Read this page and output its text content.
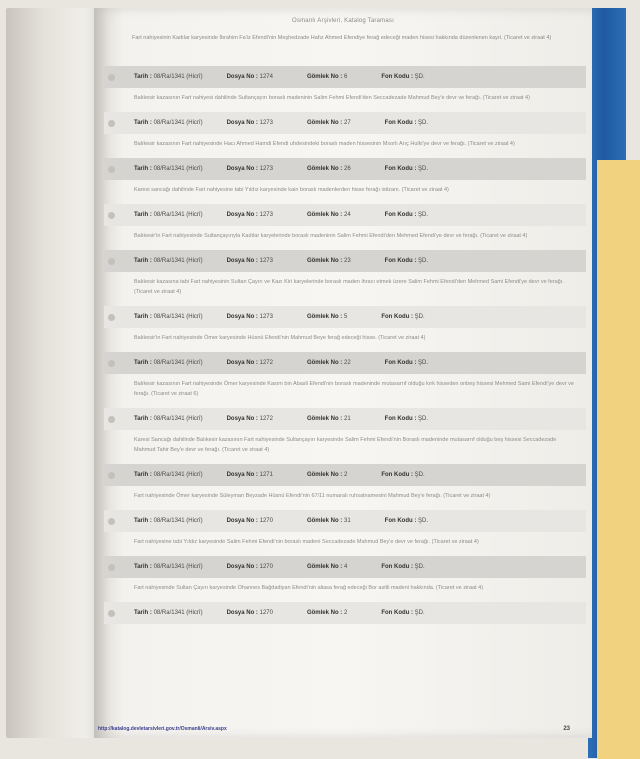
Osmanlı Arşivleri, Katalog Taraması
Fart nahiyesinin Kadılar karyesinde İbrahim Fa'iz Efendi'nin Meşhedzade Hafız Ahmed Efendiye ferağ edeceği maden hisesi hakkında düzenlenen kayıt. (Ticaret ve ziraat 4)
Tarih : 08/Ra/1341 (Hicrî)	Dosya No : 1274	Gömlek No : 6	Fon Kodu : ŞD.
Balıkesir kazasının Fart nahiyesi dahilinde Sultançayırı boraslı madeninin Salim Fehmi Efendi'den Seccadezade Mahmud Bey'e devr ve ferağı. (Ticaret ve ziraat 4)
Tarih : 08/Ra/1341 (Hicrî)	Dosya No : 1273	Gömlek No : 27	Fon Kodu : ŞD.
Balıkesir kazasının Fart nahiyesinde Hacı Ahmed Hamdi Efendi uhdesindeki boraslı maden hissesinin Mısırlı Arıç Hulki'ye devr ve ferağı. (Ticaret ve ziraat 4)
Tarih : 08/Ra/1341 (Hicrî)	Dosya No : 1273	Gömlek No : 26	Fon Kodu : ŞD.
Karesi sancağı dahilinde Fart nahiyesine tabi Yıldız karyesinde kain boraslı madenlerden hisse ferağı istizanı. (Ticaret ve ziraat 4)
Tarih : 08/Ra/1341 (Hicrî)	Dosya No : 1273	Gömlek No : 24	Fon Kodu : ŞD.
Balıkesir'in Fart nahiyesinde Sultançayırıyla Kadılar karyelerinde boraslı madeninin Salim Fehmi Efendi'den Mehmed Efendi'ye devr ve ferağı. (Ticaret ve ziraat 4)
Tarih : 08/Ra/1341 (Hicrî)	Dosya No : 1273	Gömlek No : 23	Fon Kodu : ŞD.
Balıkesir kazasına tabi Fart nahiyesinin Sultan Çayırı ve Kazı Kiri karyelerinde boraslı maden ihracı etmek üzere Salim Fehmi Efendi'den Mehmed Sami Efendi'ye devr ve ferağı. (Ticaret ve ziraat 4)
Tarih : 08/Ra/1341 (Hicrî)	Dosya No : 1273	Gömlek No : 5	Fon Kodu : ŞD.
Balıkesir'in Fart nahiyesinde Ömer karyesinde Hüsnü Efendi'nin Mahmud Beye ferağ edeceği hisse. (Ticaret ve ziraat 4)
Tarih : 08/Ra/1341 (Hicrî)	Dosya No : 1272	Gömlek No : 22	Fon Kodu : ŞD.
Balıkesir kazasının Fart nahiyesinde Ömer karyesinde Kasım bin Abasli Efendi'nin boraslı madeninde mutasarrıf olduğu kırk hisseden onbeş hissesi Mehmed Sami Efendi'ye devr ve ferağı. (Ticaret ve ziraat 6)
Tarih : 08/Ra/1341 (Hicrî)	Dosya No : 1272	Gömlek No : 21	Fon Kodu : ŞD.
Karesi Sancağı dahilinde Balıkesir kazasının Fart nahiyesinde Sultançayırı karyesinde Salim Fehmi Efendi'nin Boraslı madeninde mutasarrıf olduğu beş hissesi Seccadezade Mahmud Tahir Bey'e devr ve ferağı. (Ticaret ve ziraat 4)
Tarih : 08/Ra/1341 (Hicrî)	Dosya No : 1271	Gömlek No : 2	Fon Kodu : ŞD.
Fart nahiyesinde Ömer karyesinde Süleyman Beyzade Hüsnü Efendi'nin 67/11 numaralı ruhsatnamesini Mahmud Bey'e ferağı. (Ticaret ve ziraat 4)
Tarih : 08/Ra/1341 (Hicrî)	Dosya No : 1270	Gömlek No : 31	Fon Kodu : ŞD.
Fart nahiyesine tabi Yıldız karyesinde Salim Fehmi Efendi'nin boraslı madeni Seccadezade Mahmud Bey'e devr ve ferağı. (Ticaret ve ziraat 4)
Tarih : 08/Ra/1341 (Hicrî)	Dosya No : 1270	Gömlek No : 4	Fon Kodu : ŞD.
Fart nahiyesinde Sultan Çayırı karyesinde Ohannes Bağdadiyan Efendi'nin aliasa ferağ edeceği Bor asitli madeni hakkında. (Ticaret ve ziraat 4)
Tarih : 08/Ra/1341 (Hicrî)	Dosya No : 1270	Gömlek No : 2	Fon Kodu : ŞD.
http://katalog.devletarsivleri.gov.tr/Osmanli/Arsiv.aspx	23
